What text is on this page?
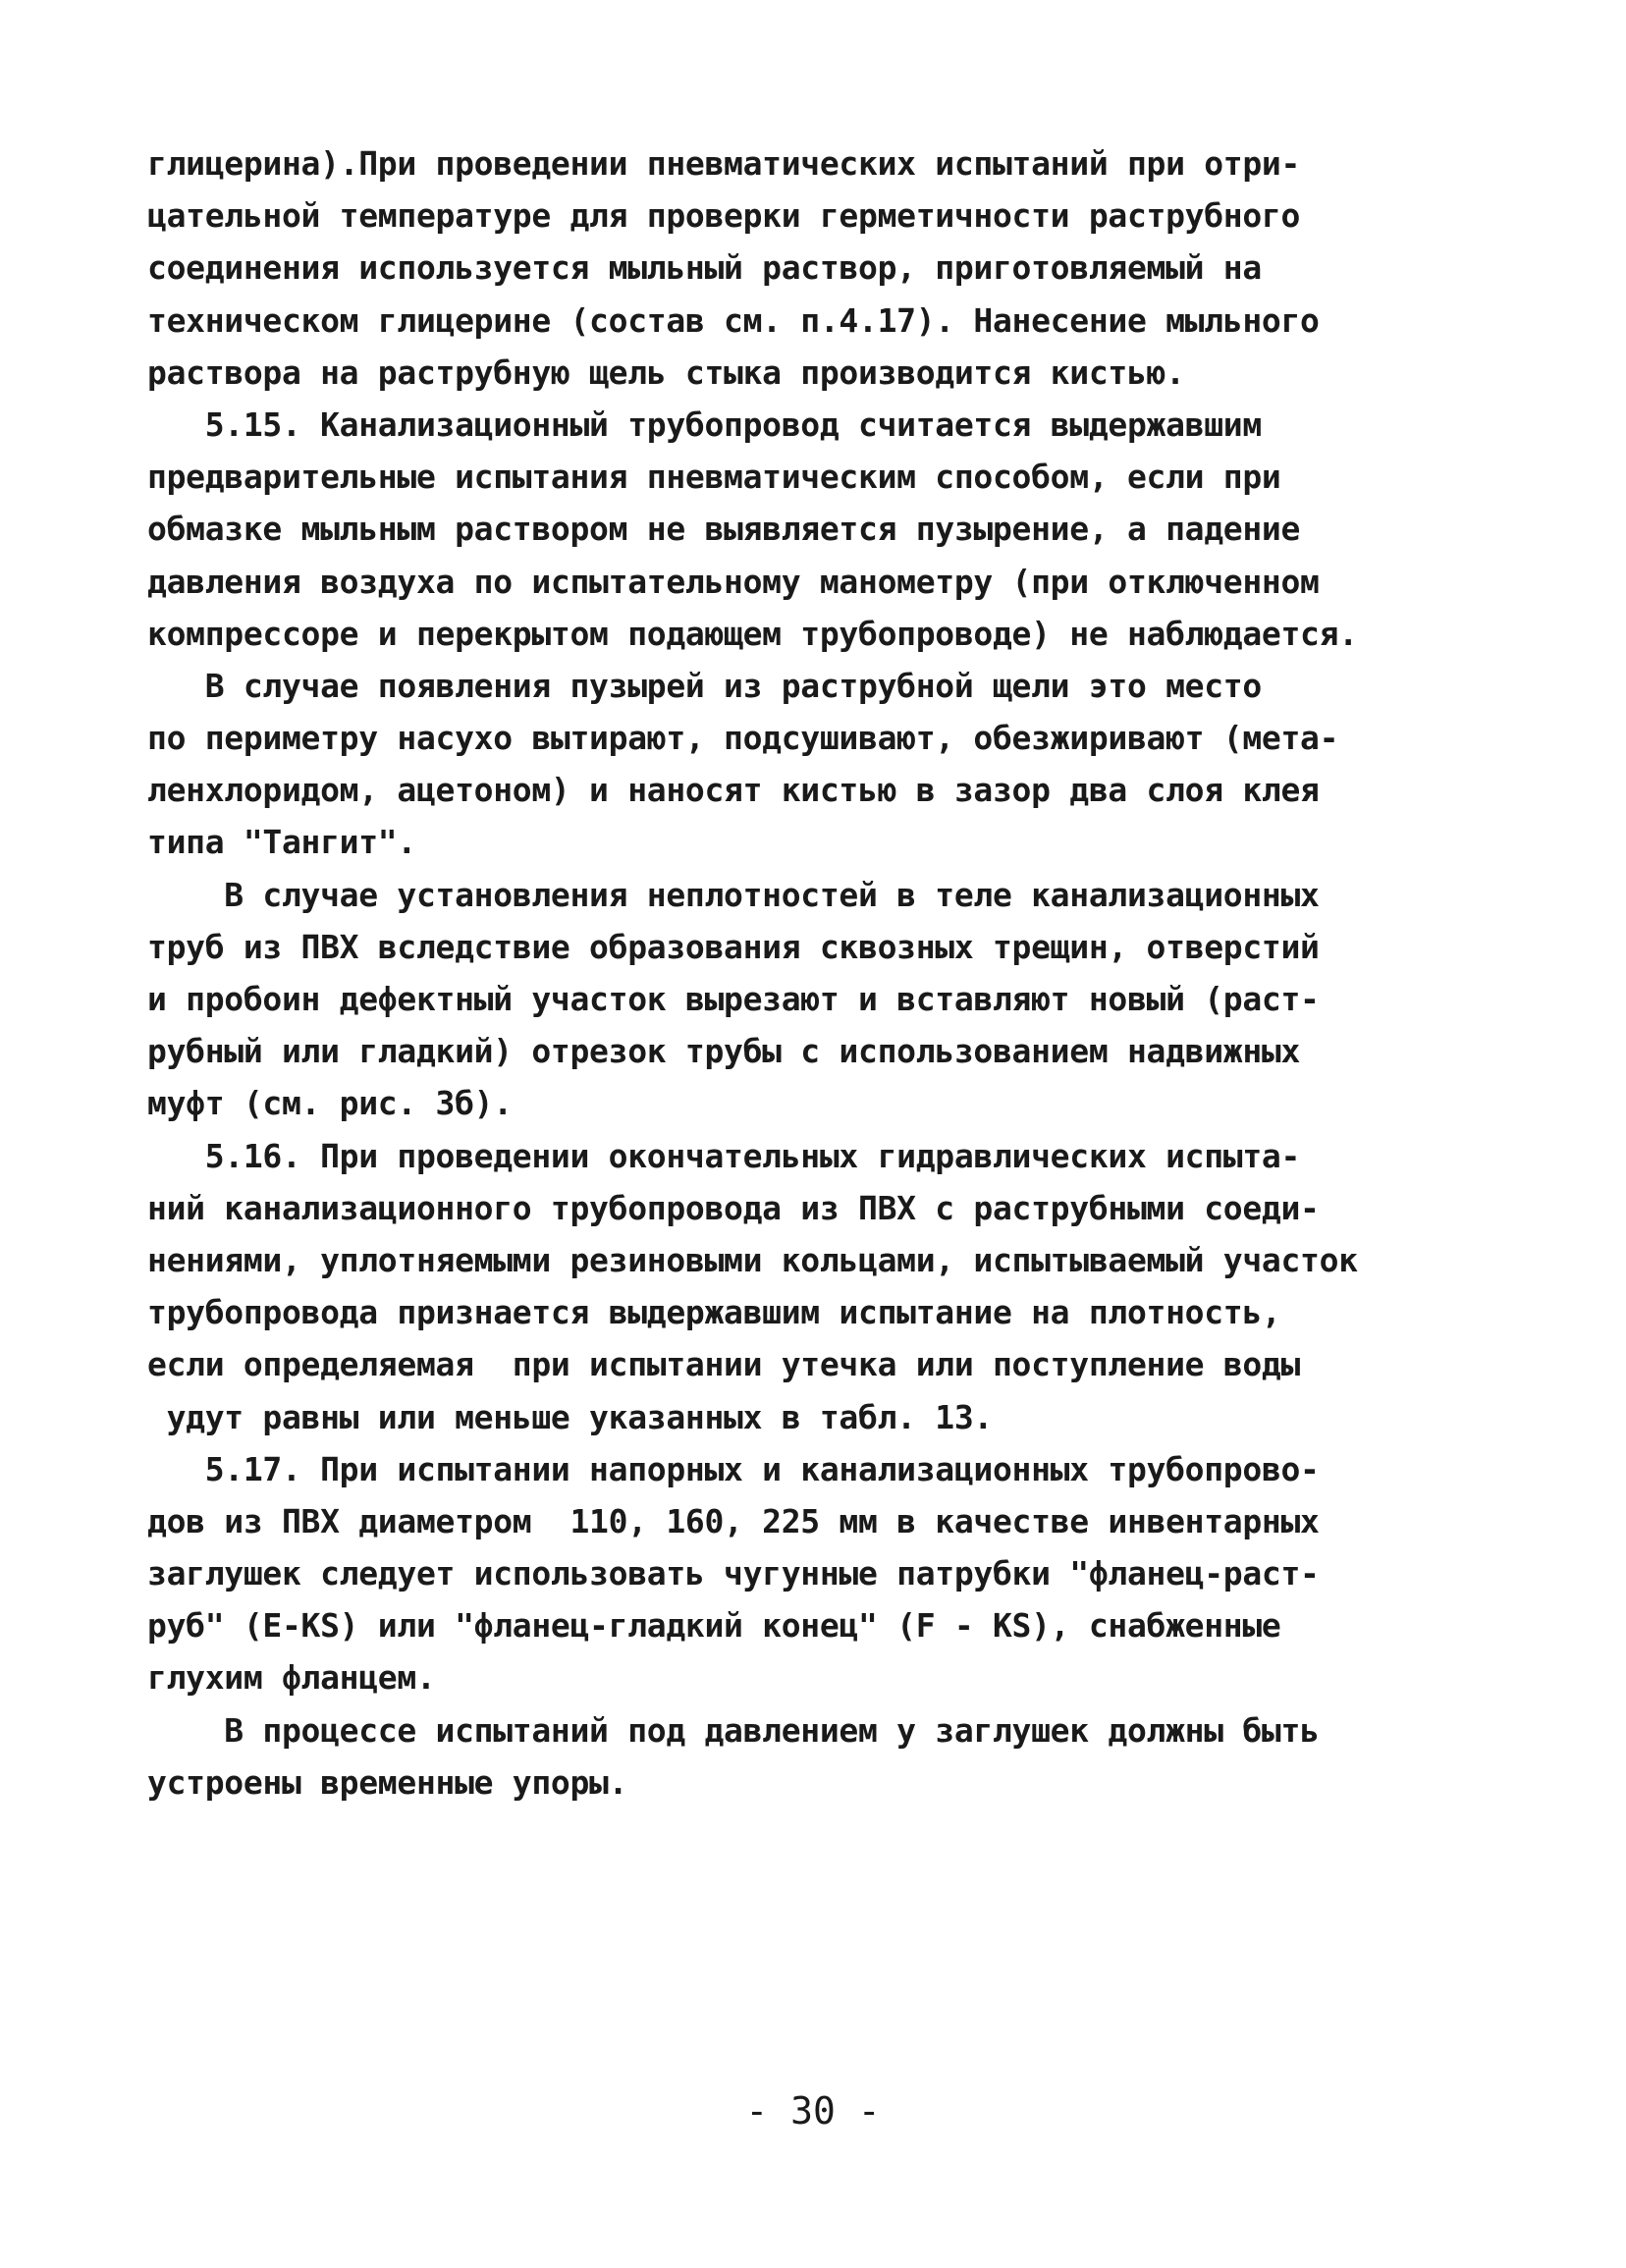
глицерина).При проведении пневматических испытаний при отри-
цательной температуре для проверки герметичности раструбного
соединения используется мыльный раствор, приготовляемый на
техническом глицерине (состав см. п.4.17). Нанесение мыльного
раствора на раструбную щель стыка производится кистью.
5.15. Канализационный трубопровод считается выдержавшим
предварительные испытания пневматическим способом, если при
обмазке мыльным раствором не выявляется пузырение, а падение
давления воздуха по испытательному манометру (при отключенном
компрессоре и перекрытом подающем трубопроводе) не наблюдается.
В случае появления пузырей из раструбной щели это место
по периметру насухо вытирают, подсушивают, обезжиривают (мета-
ленхлоридом, ацетоном) и наносят кистью в зазор два слоя клея
типа "Тангит".
В случае установления неплотностей в теле канализационных
труб из ПВХ вследствие образования сквозных трещин, отверстий
и пробоин дефектный участок вырезают и вставляют новый (раст-
рубный или гладкий) отрезок трубы с использованием надвижных
муфт (см. рис. 3б).
5.16. При проведении окончательных гидравлических испыта-
ний канализационного трубопровода из ПВХ с раструбными соеди-
нениями, уплотняемыми резиновыми кольцами, испытываемый участок
трубопровода признается выдержавшим испытание на плотность,
если определяемая  при испытании утечка или поступление воды
удут равны или меньше указанных в табл. 13.
5.17. При испытании напорных и канализационных трубопрово-
дов из ПВХ диаметром  110, 160, 225 мм в качестве инвентарных
заглушек следует использовать чугунные патрубки "фланец-раст-
руб" (Е-КS) или "фланец-гладкий конец" (F - KS), снабженные
глухим фланцем.
В процессе испытаний под давлением у заглушек должны быть
устроены временные упоры.
- 30 -
